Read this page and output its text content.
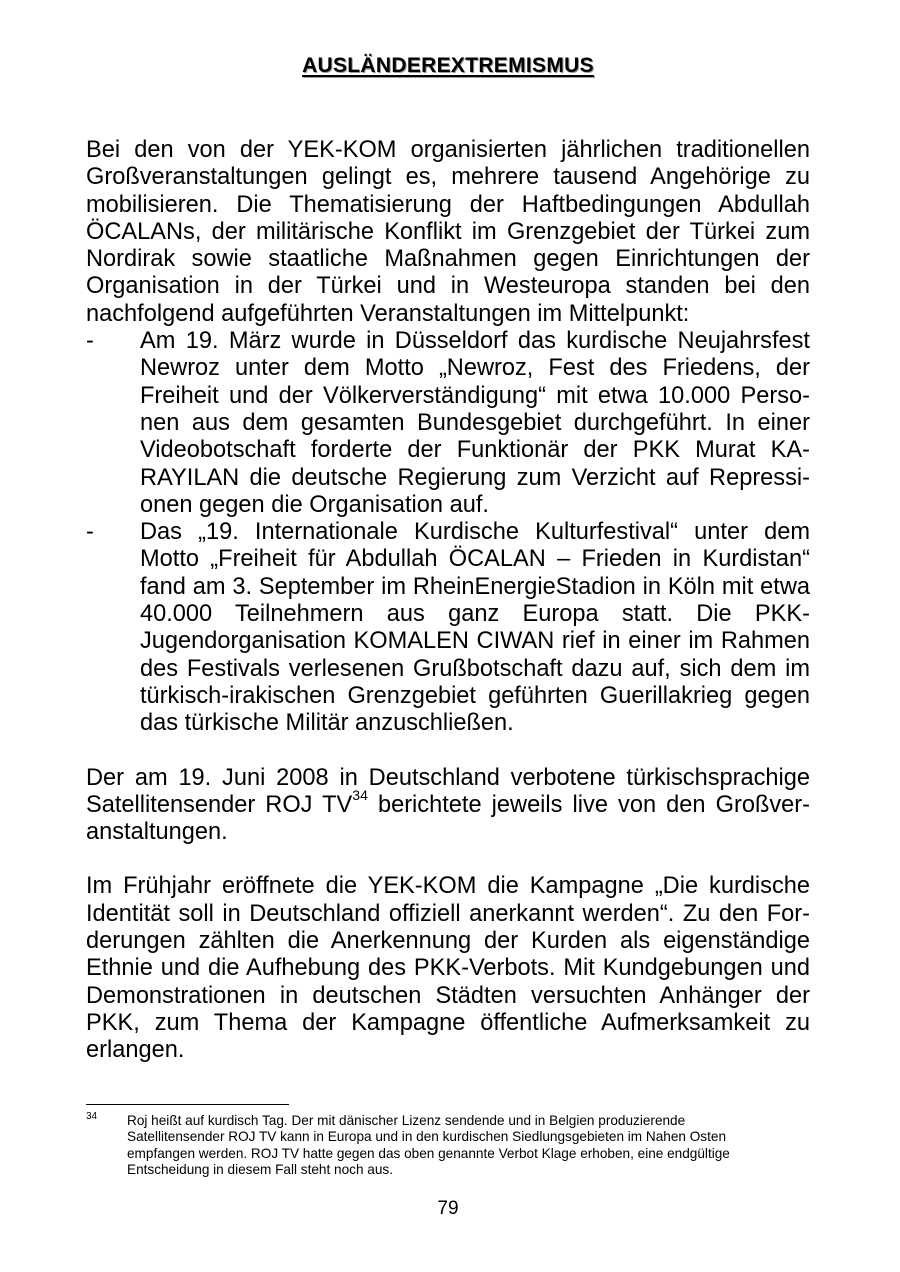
AUSLÄNDEREXTREMISMUS

Bei den von der YEK-KOM organisierten jährlichen traditionellen Großveranstaltungen gelingt es, mehrere tausend Angehörige zu mobilisieren. Die Thematisierung der Haftbedingungen Abdullah ÖCALANs, der militärische Konflikt im Grenzgebiet der Türkei zum Nordirak sowie staatliche Maßnahmen gegen Einrichtungen der Organisation in der Türkei und in Westeuropa standen bei den nachfolgend aufgeführten Veranstaltungen im Mittelpunkt:

- Am 19. März wurde in Düsseldorf das kurdische Neujahrsfest Newroz unter dem Motto „Newroz, Fest des Friedens, der Freiheit und der Völkerverständigung“ mit etwa 10.000 Personen aus dem gesamten Bundesgebiet durchgeführt. In einer Videobotschaft forderte der Funktionär der PKK Murat KARAYILAN die deutsche Regierung zum Verzicht auf Repressionen gegen die Organisation auf.
- Das „19. Internationale Kurdische Kulturfestival“ unter dem Motto „Freiheit für Abdullah ÖCALAN – Frieden in Kurdistan“ fand am 3. September im RheinEnergieStadion in Köln mit etwa 40.000 Teilnehmern aus ganz Europa statt. Die PKK-Jugendorganisation KOMALEN CIWAN rief in einer im Rahmen des Festivals verlesenen Grußbotschaft dazu auf, sich dem im türkisch-irakischen Grenzgebiet geführten Guerillakrieg gegen das türkische Militär anzuschließen.

Der am 19. Juni 2008 in Deutschland verbotene türkischsprachige Satellitensender ROJ TV$^{34}$ berichtete jeweils live von den Großveranstaltungen.

Im Frühjahr eröffnete die YEK-KOM die Kampagne „Die kurdische Identität soll in Deutschland offiziell anerkannt werden“. Zu den Forderungen zählten die Anerkennung der Kurden als eigenständige Ethnie und die Aufhebung des PKK-Verbots. Mit Kundgebungen und Demonstrationen in deutschen Städten versuchten Anhänger der PKK, zum Thema der Kampagne öffentliche Aufmerksamkeit zu erlangen.

34 Roj heißt auf kurdisch Tag. Der mit dänischer Lizenz sendende und in Belgien produzierende Satellitensender ROJ TV kann in Europa und in den kurdischen Siedlungsgebieten im Nahen Osten empfangen werden. ROJ TV hatte gegen das oben genannte Verbot Klage erhoben, eine endgültige Entscheidung in diesem Fall steht noch aus.
79
